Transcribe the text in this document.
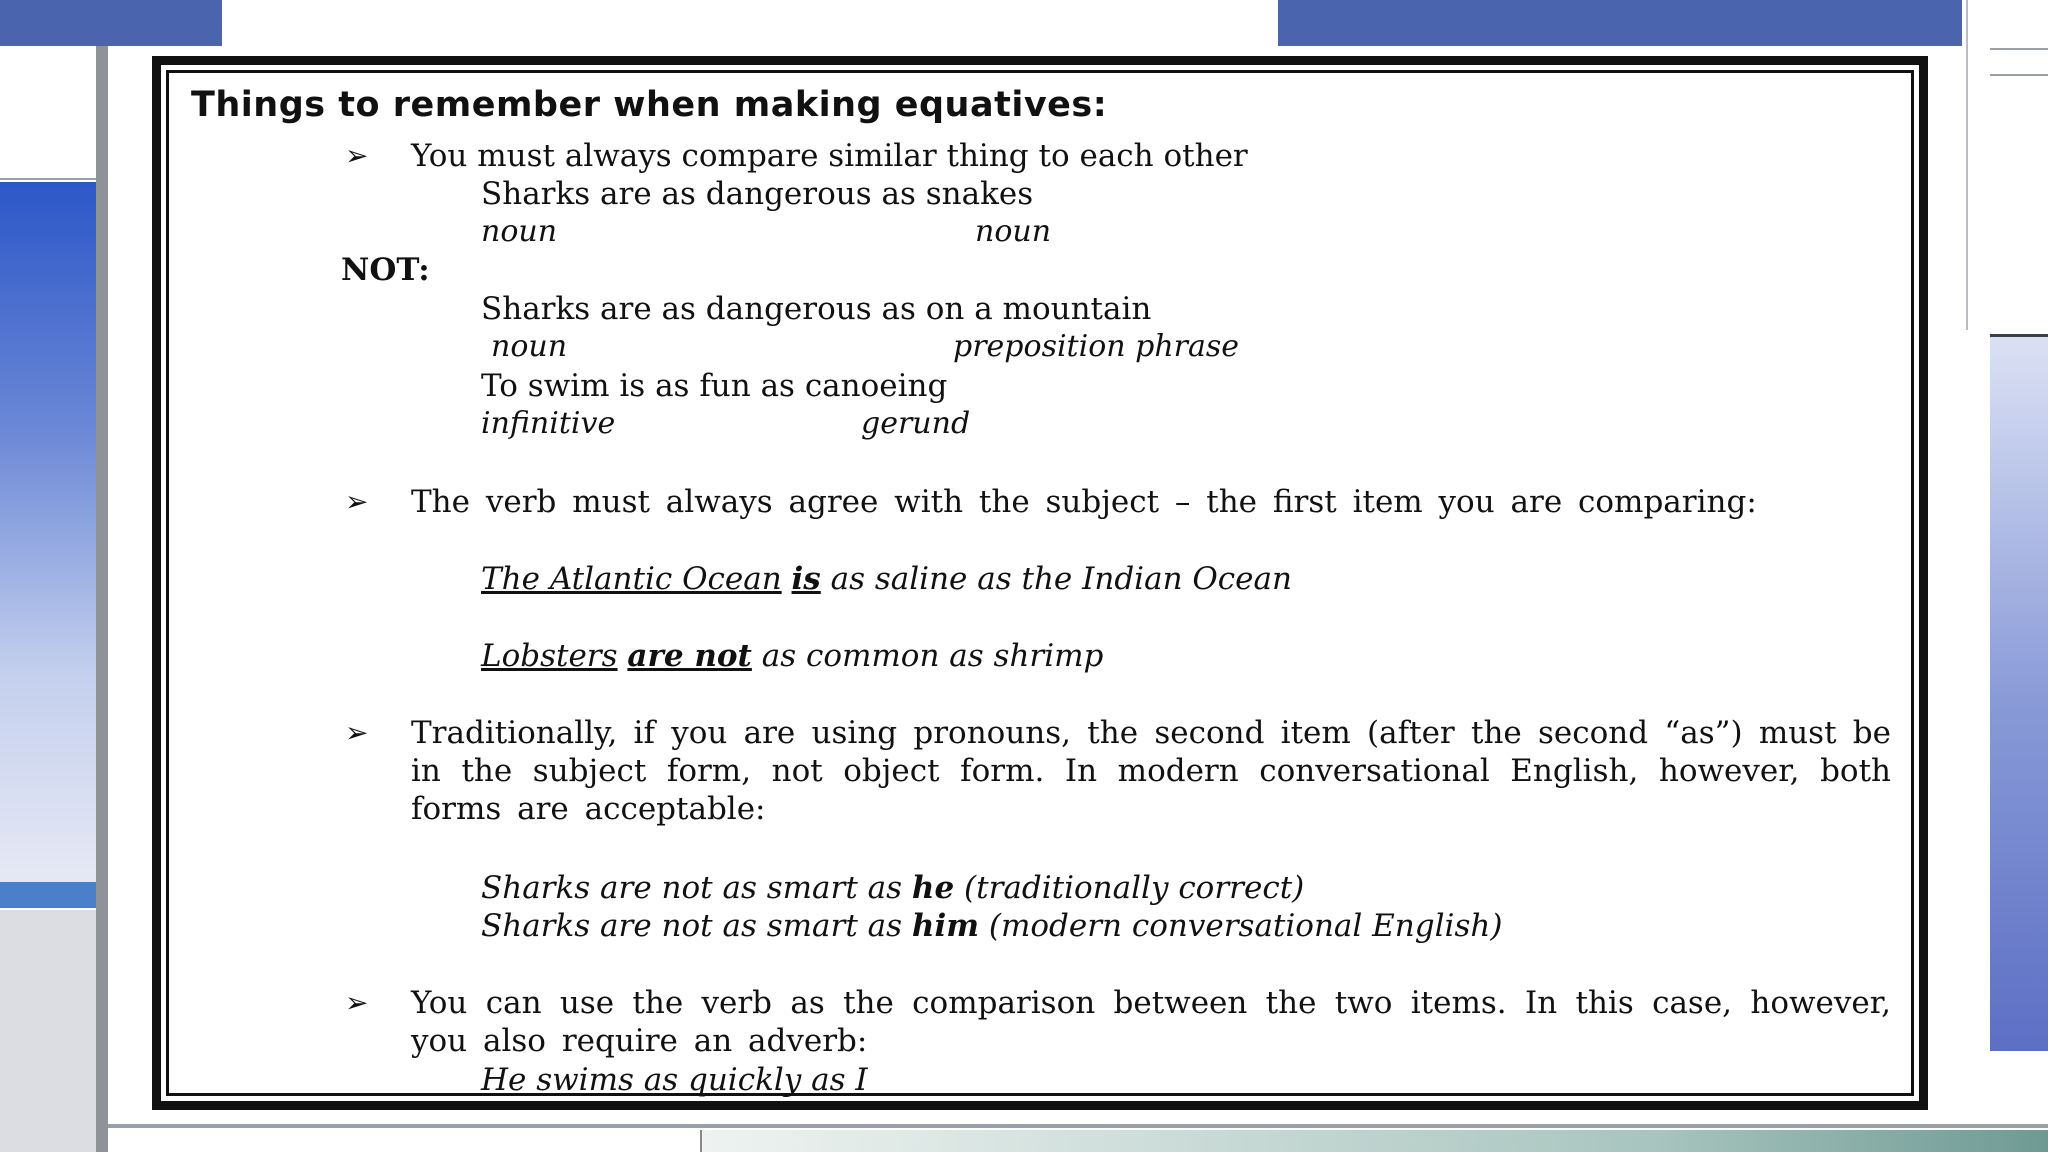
Things to remember when making equatives:
➢ You must always compare similar thing to each other
Sharks are as dangerous as snakes
noun	noun
NOT:
Sharks are as dangerous as on a mountain
noun	preposition phrase
To swim is as fun as canoeing
infinitive	gerund
➢ The verb must always agree with the subject – the first item you are comparing:
The Atlantic Ocean is as saline as the Indian Ocean
Lobsters are not as common as shrimp
➢ Traditionally, if you are using pronouns, the second item (after the second “as”) must be in the subject form, not object form. In modern conversational English, however, both forms are acceptable:
Sharks are not as smart as he (traditionally correct)
Sharks are not as smart as him (modern conversational English)
➢ You can use the verb as the comparison between the two items. In this case, however, you also require an adverb:
He swims as quickly as I
